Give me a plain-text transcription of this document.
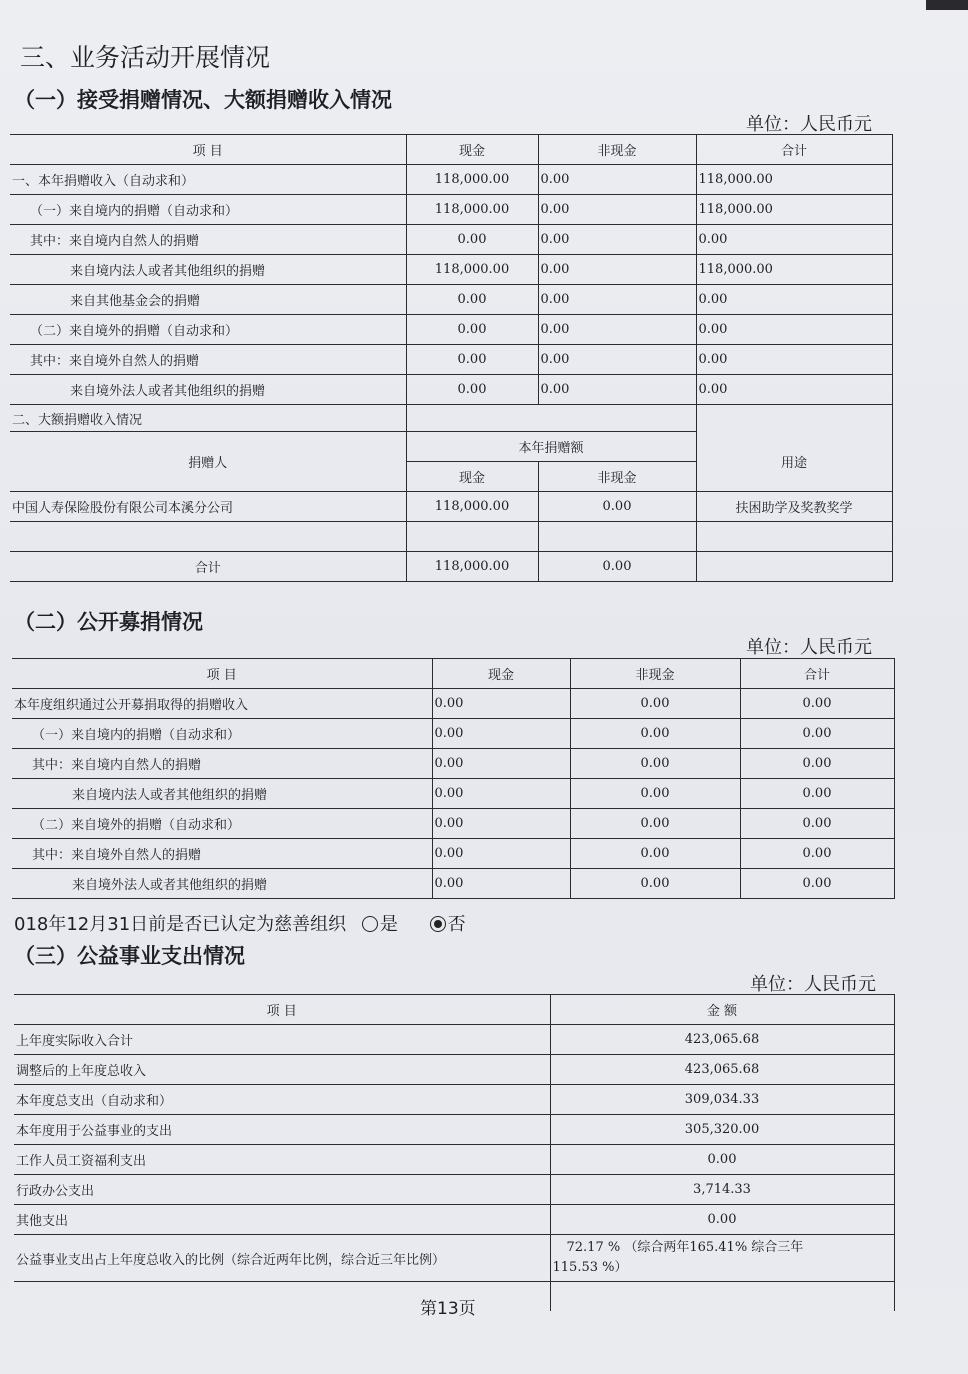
三、业务活动开展情况
（一）接受捐赠情况、大额捐赠收入情况
单位：人民币元
项 目	现金	非现金	合计
一、本年捐赠收入（自动求和）	118,000.00	0.00	118,000.00
（一）来自境内的捐赠（自动求和）	118,000.00	0.00	118,000.00
其中：来自境内自然人的捐赠	0.00	0.00	0.00
来自境内法人或者其他组织的捐赠	118,000.00	0.00	118,000.00
来自其他基金会的捐赠	0.00	0.00	0.00
（二）来自境外的捐赠（自动求和）	0.00	0.00	0.00
其中：来自境外自然人的捐赠	0.00	0.00	0.00
来自境外法人或者其他组织的捐赠	0.00	0.00	0.00
二、大额捐赠收入情况			
捐赠人	本年捐赠额		用途
	现金	非现金	
中国人寿保险股份有限公司本溪分公司	118,000.00	0.00	扶困助学及奖教奖学

合计	118,000.00	0.00	
（二）公开募捐情况
单位：人民币元
项 目	现金	非现金	合计
本年度组织通过公开募捐取得的捐赠收入	0.00	0.00	0.00
（一）来自境内的捐赠（自动求和）	0.00	0.00	0.00
其中：来自境内自然人的捐赠	0.00	0.00	0.00
来自境内法人或者其他组织的捐赠	0.00	0.00	0.00
（二）来自境外的捐赠（自动求和）	0.00	0.00	0.00
其中：来自境外自然人的捐赠	0.00	0.00	0.00
来自境外法人或者其他组织的捐赠	0.00	0.00	0.00
018年12月31日前是否已认定为慈善组织 是	否
（三）公益事业支出情况
单位：人民币元
项 目	金 额
上年度实际收入合计	423,065.68
调整后的上年度总收入	423,065.68
本年度总支出（自动求和）	309,034.33
本年度用于公益事业的支出	305,320.00
工作人员工资福利支出	0.00
行政办公支出	3,714.33
其他支出	0.00
公益事业支出占上年度总收入的比例（综合近两年比例，综合近三年比例）	72.17 % （综合两年165.41% 综合三年
115.53 %）

第13页
